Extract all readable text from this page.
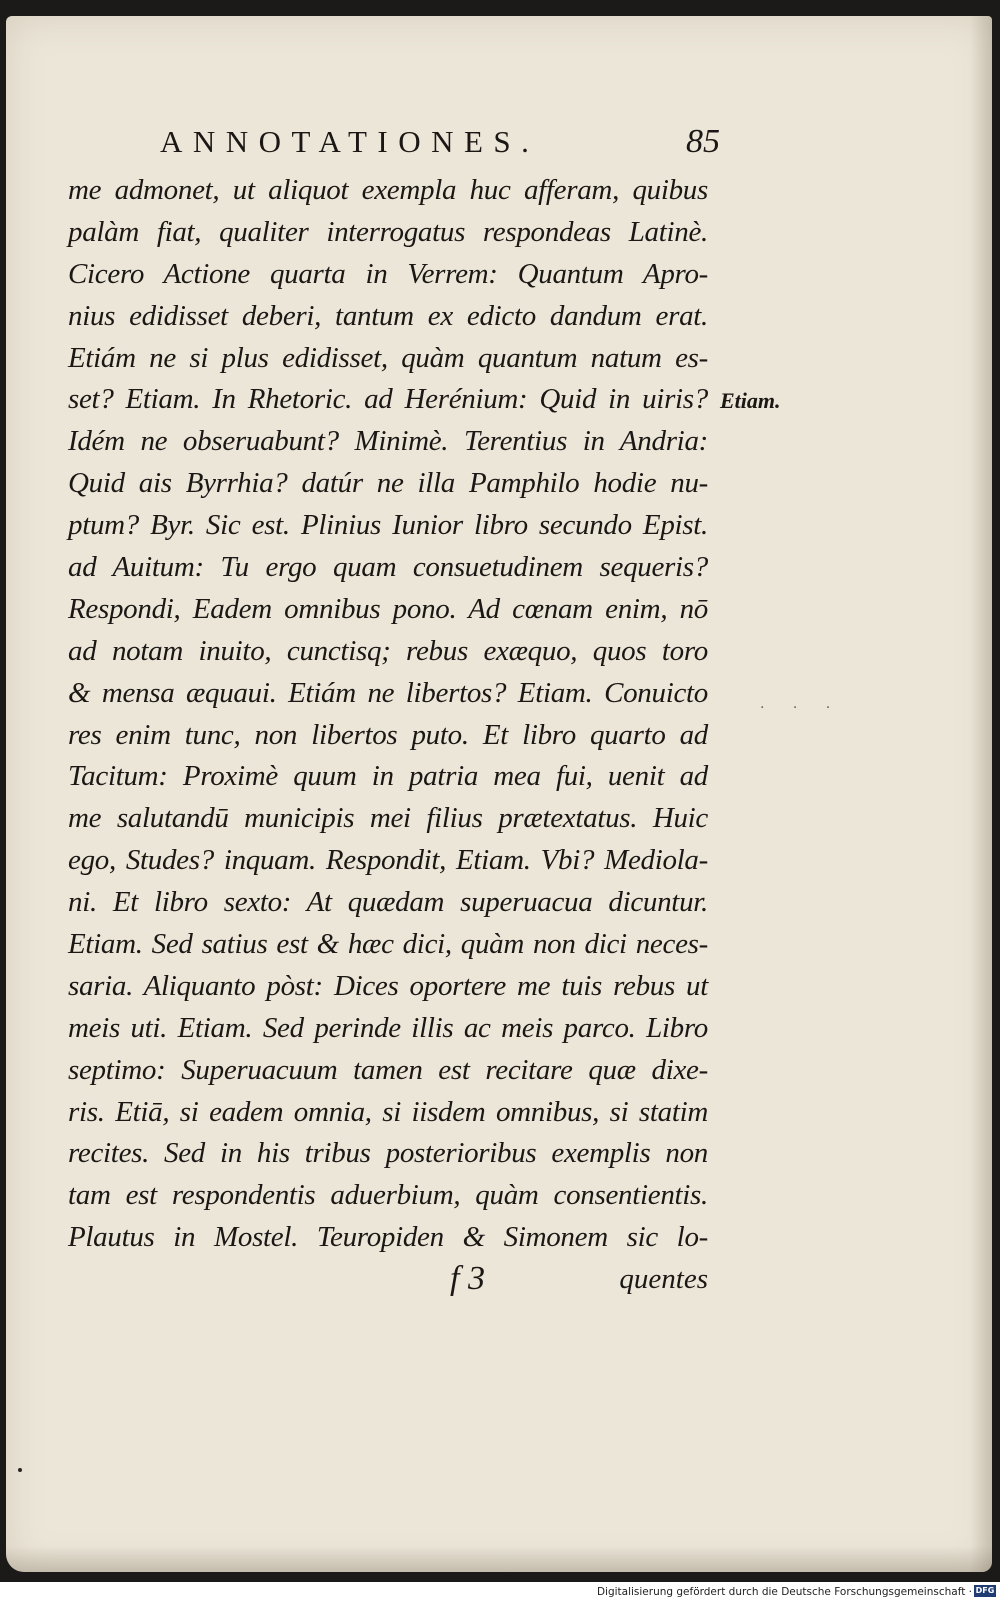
ANNOTATIONES.	85
me admonet, ut aliquot exempla huc afferam, quibus
palàm fiat, qualiter interrogatus respondeas Latinè.
Cicero Actione quarta in Verrem: Quantum Apro-
nius edidisset deberi, tantum ex edicto dandum erat.
Etiám ne si plus edidisset, quàm quantum natum es-
set? Etiam. In Rhetoric. ad Herénium: Quid in uiris?
Idém ne obseruabunt? Minimè. Terentius in Andria:
Quid ais Byrrhia? datúr ne illa Pamphilo hodie nu-
ptum? Byr. Sic est. Plinius Iunior libro secundo Epist.
ad Auitum: Tu ergo quam consuetudinem sequeris?
Respondi, Eadem omnibus pono. Ad cœnam enim, nō
ad notam inuito, cunctisq; rebus exæquo, quos toro
& mensa æquaui. Etiám ne libertos? Etiam. Conuicto
res enim tunc, non libertos puto. Et libro quarto ad
Tacitum: Proximè quum in patria mea fui, uenit ad
me salutandū municipis mei filius prætextatus. Huic
ego, Studes? inquam. Respondit, Etiam. Vbi? Mediola-
ni. Et libro sexto: At quædam superuacua dicuntur.
Etiam. Sed satius est & hæc dici, quàm non dici neces-
saria. Aliquanto pòst: Dices oportere me tuis rebus ut
meis uti. Etiam. Sed perinde illis ac meis parco. Libro
septimo: Superuacuum tamen est recitare quæ dixe-
ris. Etiā, si eadem omnia, si iisdem omnibus, si statim
recites. Sed in his tribus posterioribus exemplis non
tam est respondentis aduerbium, quàm consentientis.
Plautus in Mostel. Teuropiden & Simonem sic lo-
Etiam.
f 3	quentes
· · ·
Digitalisierung gefördert durch die Deutsche Forschungsgemeinschaft · DFG
